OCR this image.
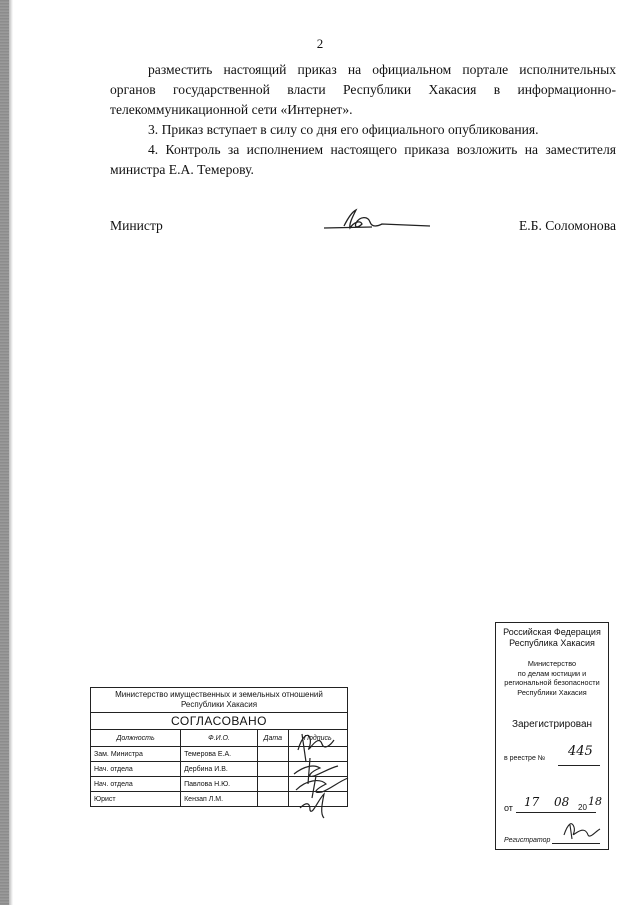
2

разместить настоящий приказ на официальном портале исполнительных органов государственной власти Республики Хакасия в информационно-телекоммуникационной сети «Интернет».

3. Приказ вступает в силу со дня его официального опубликования.

4. Контроль за исполнением настоящего приказа возложить на заместителя министра Е.А. Темерову.

Министр	Е.Б. Соломонова
Министерство имущественных и земельных отношений Республики Хакасия
СОГЛАСОВАНО
Должность	Ф.И.О.	Дата	Подпись
Зам. Министра	Темерова Е.А.		
Нач. отдела	Дербина И.В.		
Нач. отдела	Павлова Н.Ю.		
Юрист	Кензап Л.М.		
Российская Федерация
Республика Хакасия
Министерство
по делам юстиции и
региональной безопасности
Республики Хакасия
Зарегистрирован
в реестре № 445
от 17 08 20 18
Регистратор
